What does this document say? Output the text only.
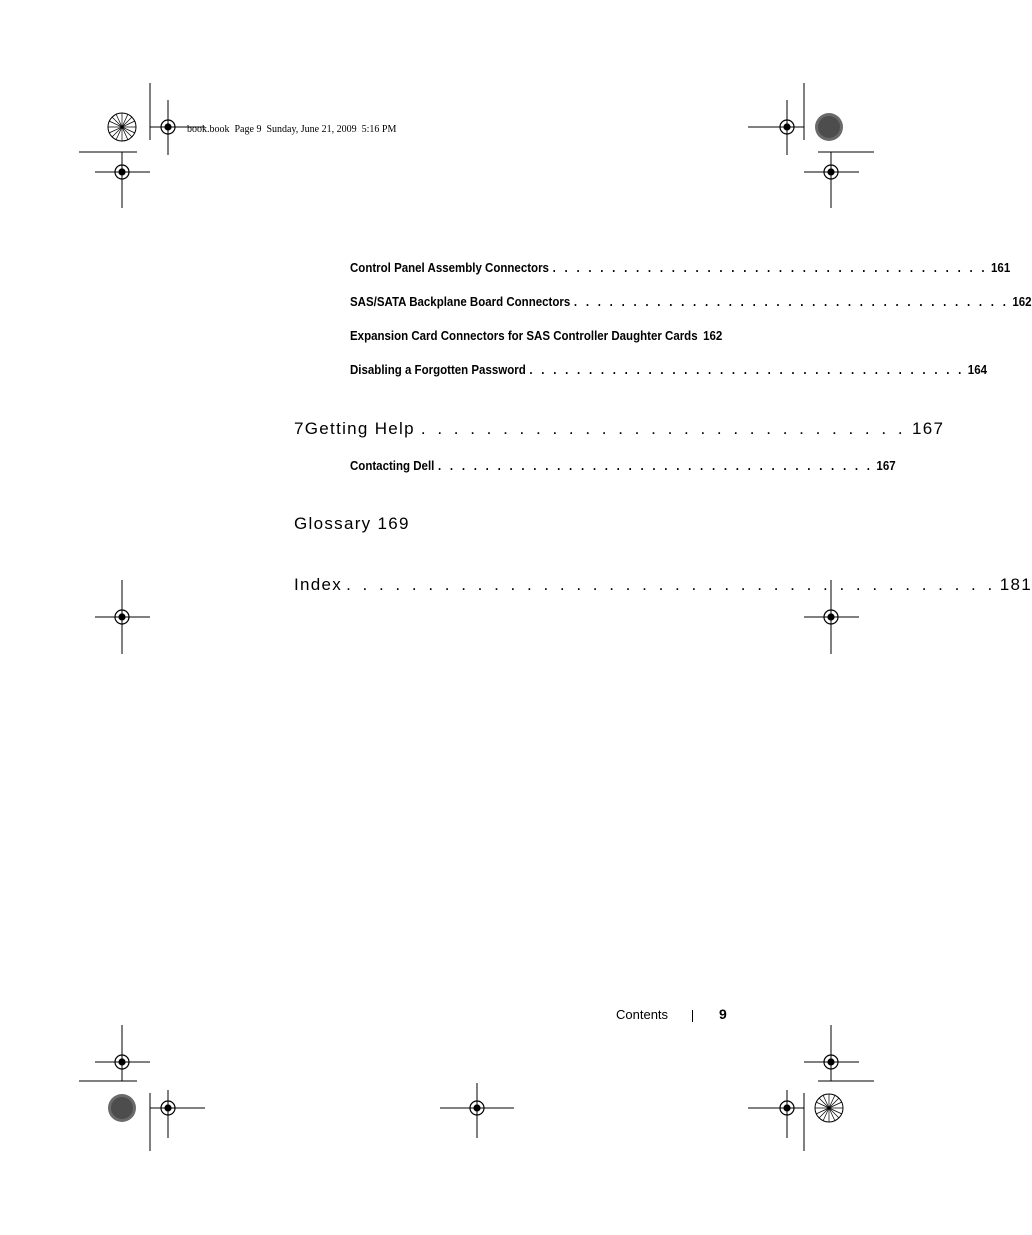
book.book  Page 9  Sunday, June 21, 2009  5:16 PM
Control Panel Assembly Connectors . . . . . . . . . . . . . . . . . . . . . . . . . . . . . . . . . . . . . 161
SAS/SATA Backplane Board Connectors . . . . . . . . . . . . . . . . . . . . . . . . . . . . . . . . . . . . . 162
Expansion Card Connectors for SAS Controller Daughter Cards 162
Disabling a Forgotten Password . . . . . . . . . . . . . . . . . . . . . . . . . . . . . . . . . . . . . 164
7 Getting Help . . . . . . . . . . . . . . . . . . . . . . . . . . . . . . 167
Contacting Dell . . . . . . . . . . . . . . . . . . . . . . . . . . . . . . . . . . . . . 167
Glossary 169
Index . . . . . . . . . . . . . . . . . . . . . . . . . . . . . . . . . . . . . . . . 181
Contents	9
